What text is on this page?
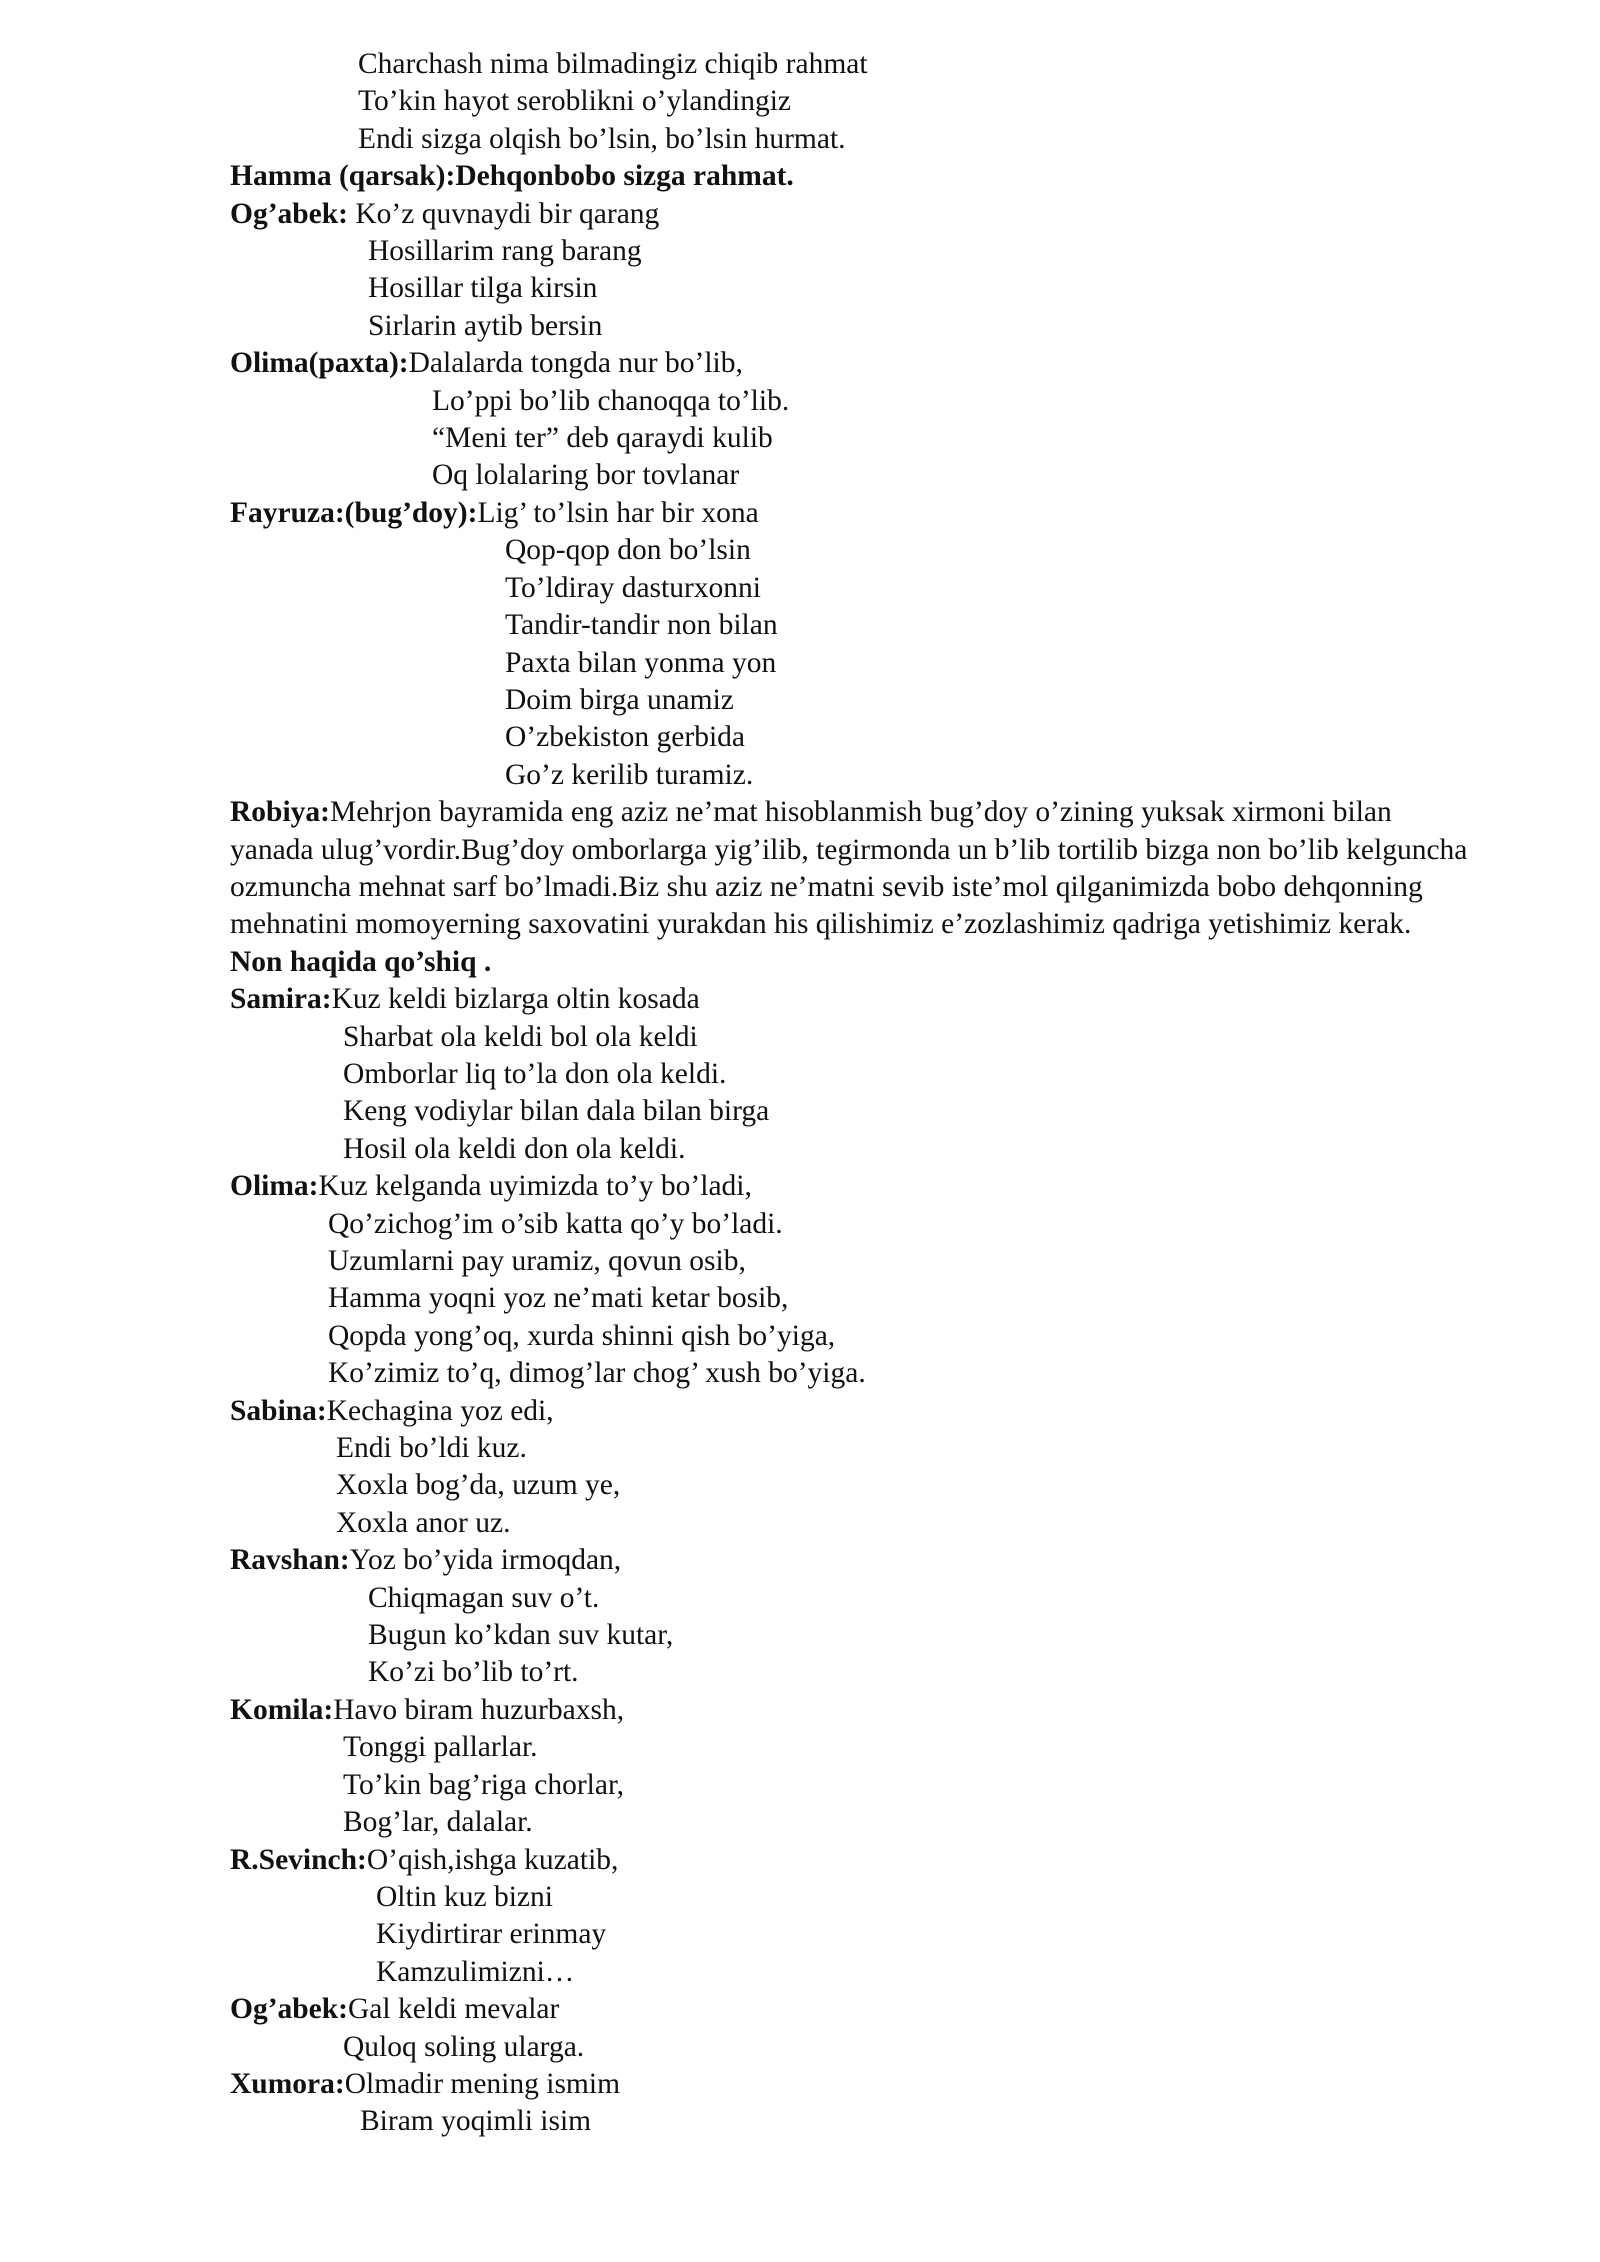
Charchash nima bilmadingiz chiqib rahmat
To’kin hayot seroblikni o’ylandingiz
Endi sizga olqish bo’lsin, bo’lsin hurmat.
Hamma (qarsak):Dehqonbobo sizga rahmat.
Og’abek: Ko’z quvnaydi bir qarang
Hosillarim rang barang
Hosillar tilga kirsin
Sirlarin aytib bersin
Olima(paxta):Dalalarda tongda nur bo’lib,
Lo’ppi bo’lib chanoqqa to’lib.
“Meni ter” deb qaraydi kulib
Oq lolalaring bor tovlanar
Fayruza:(bug’doy):Lig’ to’lsin har bir xona
Qop-qop don bo’lsin
To’ldiray dasturxonni
Tandir-tandir non bilan
Paxta bilan yonma yon
Doim birga unamiz
O’zbekiston gerbida
Go’z kerilib turamiz.
Robiya:Mehrjon bayramida eng aziz ne’mat hisoblanmish bug’doy o’zining yuksak xirmoni bilan yanada ulug’vordir.Bug’doy omborlarga yig’ilib, tegirmonda un b’lib tortilib bizga non bo’lib kelguncha ozmuncha mehnat sarf bo’lmadi.Biz shu aziz ne’matni sevib iste’mol qilganimizda bobo dehqonning mehnatini momoyerning saxovatini yurakdan his qilishimiz e’zozlashimiz qadriga yetishimiz kerak.
Non haqida qo’shiq .
Samira:Kuz keldi bizlarga oltin kosada
Sharbat ola keldi bol ola keldi
Omborlar liq to’la don ola keldi.
Keng vodiylar bilan dala bilan birga
Hosil ola keldi don ola keldi.
Olima:Kuz kelganda uyimizda to’y bo’ladi,
Qo’zichog’im o’sib katta qo’y bo’ladi.
Uzumlarni pay uramiz, qovun osib,
Hamma yoqni yoz ne’mati ketar bosib,
Qopda yong’oq, xurda shinni qish bo’yiga,
Ko’zimiz to’q, dimog’lar chog’ xush bo’yiga.
Sabina:Kechagina yoz edi,
Endi bo’ldi kuz.
Xoxla bog’da, uzum ye,
Xoxla anor uz.
Ravshan:Yoz bo’yida irmoqdan,
Chiqmagan suv o’t.
Bugun ko’kdan suv kutar,
Ko’zi bo’lib to’rt.
Komila:Havo biram huzurbaxsh,
Tonggi pallarlar.
To’kin bag’riga chorlar,
Bog’lar, dalalar.
R.Sevinch:O’qish,ishga kuzatib,
Oltin kuz bizni
Kiydirtirar erinmay
Kamzulimizni…
Og’abek:Gal keldi mevalar
Quloq soling ularga.
Xumora:Olmadir mening ismim
Biram yoqimli isim
